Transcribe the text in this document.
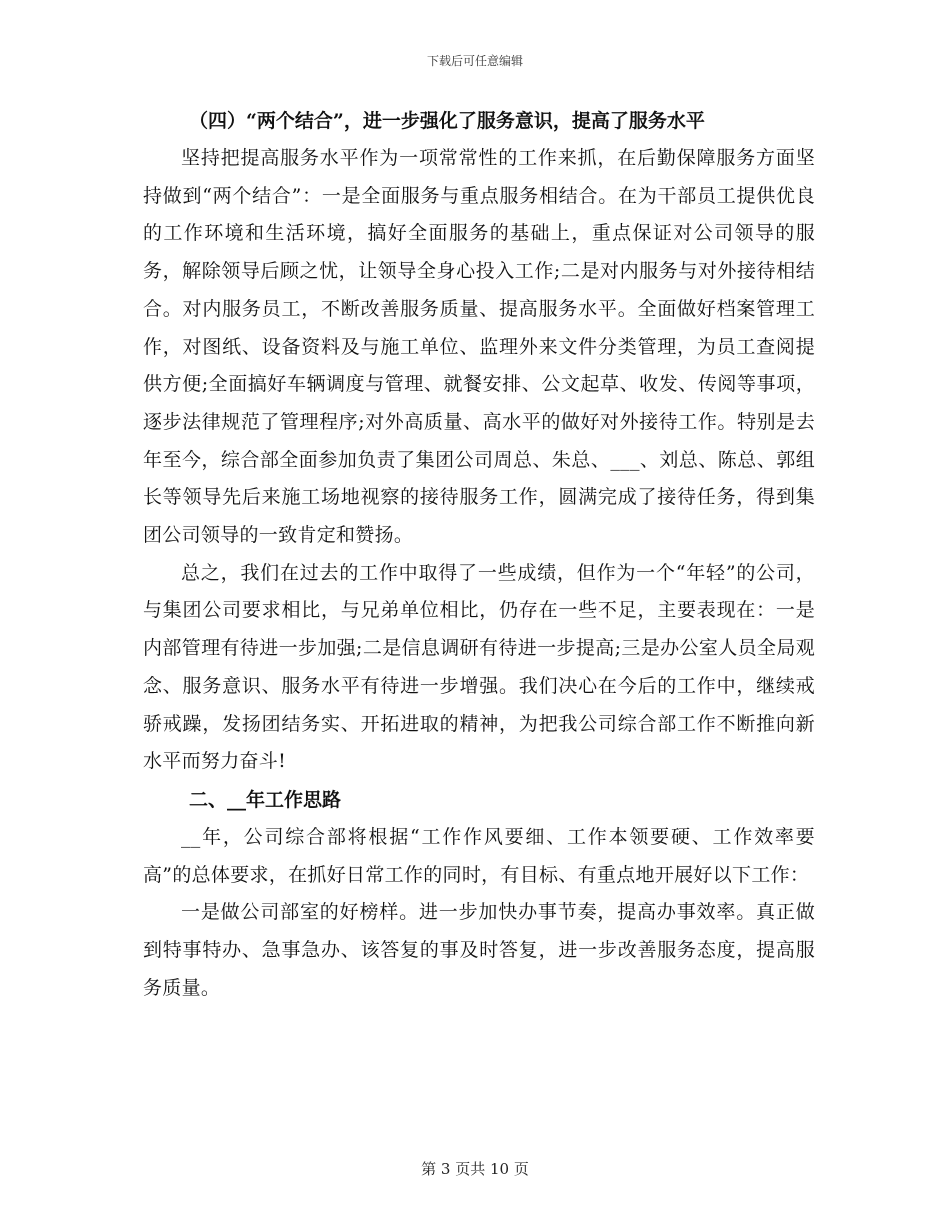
下载后可任意编辑

（四）“两个结合”，进一步强化了服务意识，提高了服务水平

坚持把提高服务水平作为一项常常性的工作来抓，在后勤保障服务方面坚持做到“两个结合”：一是全面服务与重点服务相结合。在为干部员工提供优良的工作环境和生活环境，搞好全面服务的基础上，重点保证对公司领导的服务，解除领导后顾之忧，让领导全身心投入工作;二是对内服务与对外接待相结合。对内服务员工，不断改善服务质量、提高服务水平。全面做好档案管理工作，对图纸、设备资料及与施工单位、监理外来文件分类管理，为员工查阅提供方便;全面搞好车辆调度与管理、就餐安排、公文起草、收发、传阅等事项，逐步法律规范了管理程序;对外高质量、高水平的做好对外接待工作。特别是去年至今，综合部全面参加负责了集团公司周总、朱总、___、刘总、陈总、郭组长等领导先后来施工场地视察的接待服务工作，圆满完成了接待任务，得到集团公司领导的一致肯定和赞扬。

总之，我们在过去的工作中取得了一些成绩，但作为一个“年轻”的公司，与集团公司要求相比，与兄弟单位相比，仍存在一些不足，主要表现在：一是内部管理有待进一步加强;二是信息调研有待进一步提高;三是办公室人员全局观念、服务意识、服务水平有待进一步增强。我们决心在今后的工作中，继续戒骄戒躁，发扬团结务实、开拓进取的精神，为把我公司综合部工作不断推向新水平而努力奋斗!

二、__年工作思路

__年，公司综合部将根据“工作作风要细、工作本领要硬、工作效率要高”的总体要求，在抓好日常工作的同时，有目标、有重点地开展好以下工作：

一是做公司部室的好榜样。进一步加快办事节奏，提高办事效率。真正做到特事特办、急事急办、该答复的事及时答复，进一步改善服务态度，提高服务质量。

第 3 页共 10 页
